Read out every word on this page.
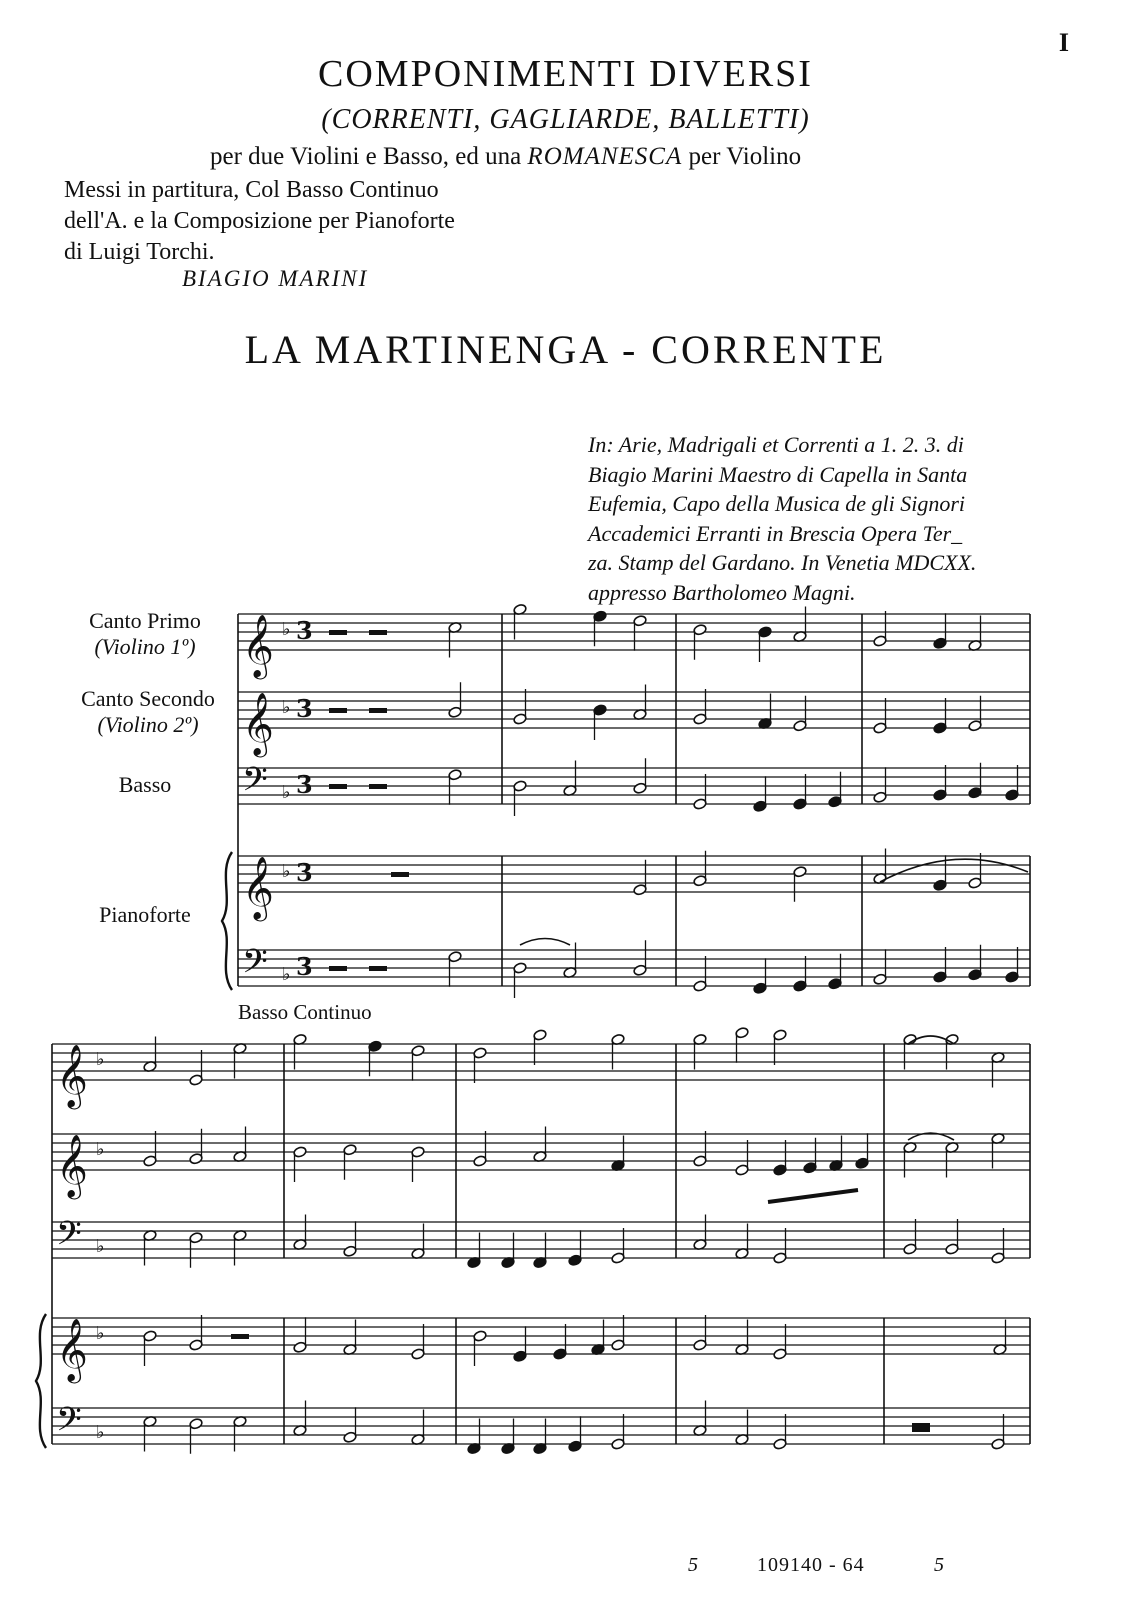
I
COMPONIMENTI DIVERSI
(CORRENTI, GAGLIARDE, BALLETTI)
per due Violini e Basso, ed una ROMANESCA per Violino
Messi in partitura, Col Basso Continuo
dell'A. e la Composizione per Pianoforte
di Luigi Torchi.
BIAGIO MARINI
LA MARTINENGA - CORRENTE
In: Arie, Madrigali et Correnti a 1. 2. 3. di
Biagio Marini Maestro di Capella in Santa
Eufemia, Capo della Musica de gli Signori
Accademici Erranti in Brescia Opera Ter_
za. Stamp del Gardano. In Venetia MDCXX.
appresso Bartholomeo Magni.
Canto Primo
(Violino 1º)
Canto Secondo
(Violino 2º)
Basso
Pianoforte
Basso Continuo
5	109140 - 64	5
𝄞 ♭ 3
𝄞 ♭ 3
𝄢 ♭ 3
𝄞 ♭ 3
𝄢 ♭ 3
𝄞 ♭
𝄞 ♭
𝄢 ♭
𝄞 ♭
𝄢 ♭
